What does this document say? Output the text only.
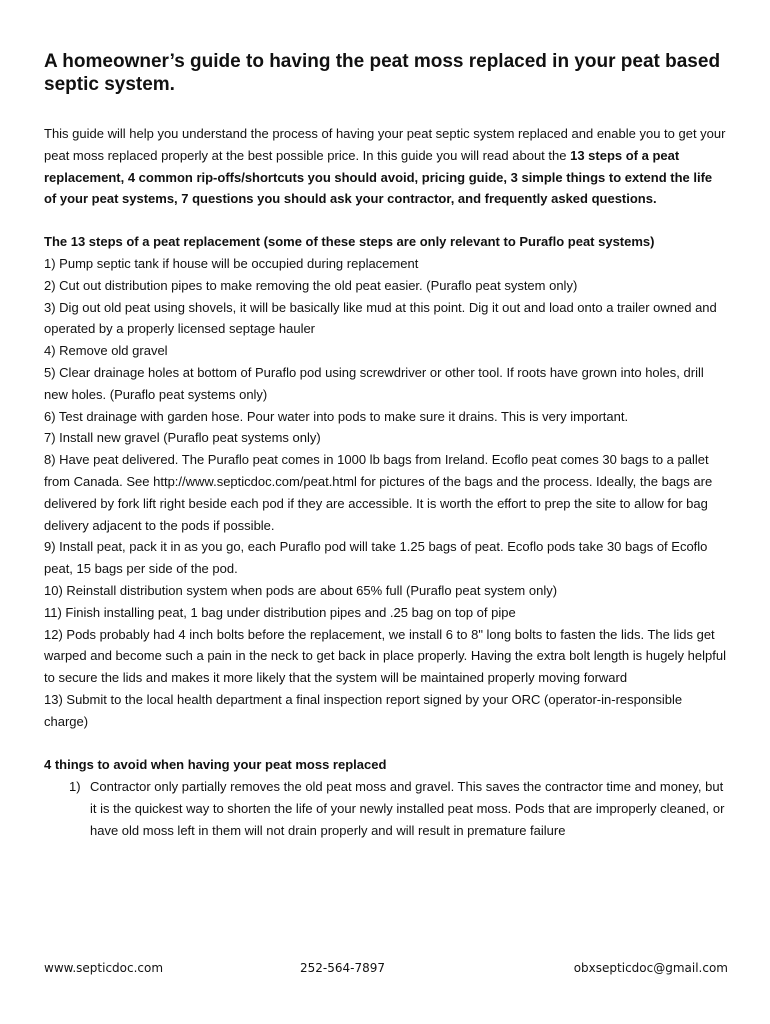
A homeowner’s guide to having the peat moss replaced in your peat based septic system.

This guide will help you understand the process of having your peat septic system replaced and enable you to get your peat moss replaced properly at the best possible price. In this guide you will read about the 13 steps of a peat replacement, 4 common rip-offs/shortcuts you should avoid, pricing guide, 3 simple things to extend the life of your peat systems, 7 questions you should ask your contractor, and frequently asked questions.

The 13 steps of a peat replacement (some of these steps are only relevant to Puraflo peat systems)

1) Pump septic tank if house will be occupied during replacement

2) Cut out distribution pipes to make removing the old peat easier. (Puraflo peat system only)

3) Dig out old peat using shovels, it will be basically like mud at this point. Dig it out and load onto a trailer owned and operated by a properly licensed septage hauler

4) Remove old gravel

5) Clear drainage holes at bottom of Puraflo pod using screwdriver or other tool. If roots have grown into holes, drill new holes. (Puraflo peat systems only)

6) Test drainage with garden hose. Pour water into pods to make sure it drains. This is very important.

7) Install new gravel (Puraflo peat systems only)

8) Have peat delivered. The Puraflo peat comes in 1000 lb bags from Ireland. Ecoflo peat comes 30 bags to a pallet from Canada. See http://www.septicdoc.com/peat.html for pictures of the bags and the process. Ideally, the bags are delivered by fork lift right beside each pod if they are accessible. It is worth the effort to prep the site to allow for bag delivery adjacent to the pods if possible.

9) Install peat, pack it in as you go, each Puraflo pod will take 1.25 bags of peat. Ecoflo pods take 30 bags of Ecoflo peat, 15 bags per side of the pod.

10) Reinstall distribution system when pods are about 65% full (Puraflo peat system only)

11) Finish installing peat, 1 bag under distribution pipes and .25 bag on top of pipe

12) Pods probably had 4 inch bolts before the replacement, we install 6 to 8" long bolts to fasten the lids. The lids get warped and become such a pain in the neck to get back in place properly. Having the extra bolt length is hugely helpful to secure the lids and makes it more likely that the system will be maintained properly moving forward

13) Submit to the local health department a final inspection report signed by your ORC (operator-in-responsible charge)

4 things to avoid when having your peat moss replaced

1) Contractor only partially removes the old peat moss and gravel. This saves the contractor time and money, but it is the quickest way to shorten the life of your newly installed peat moss. Pods that are improperly cleaned, or have old moss left in them will not drain properly and will result in premature failure
www.septicdoc.com	252-564-7897	obxsepticdoc@gmail.com
